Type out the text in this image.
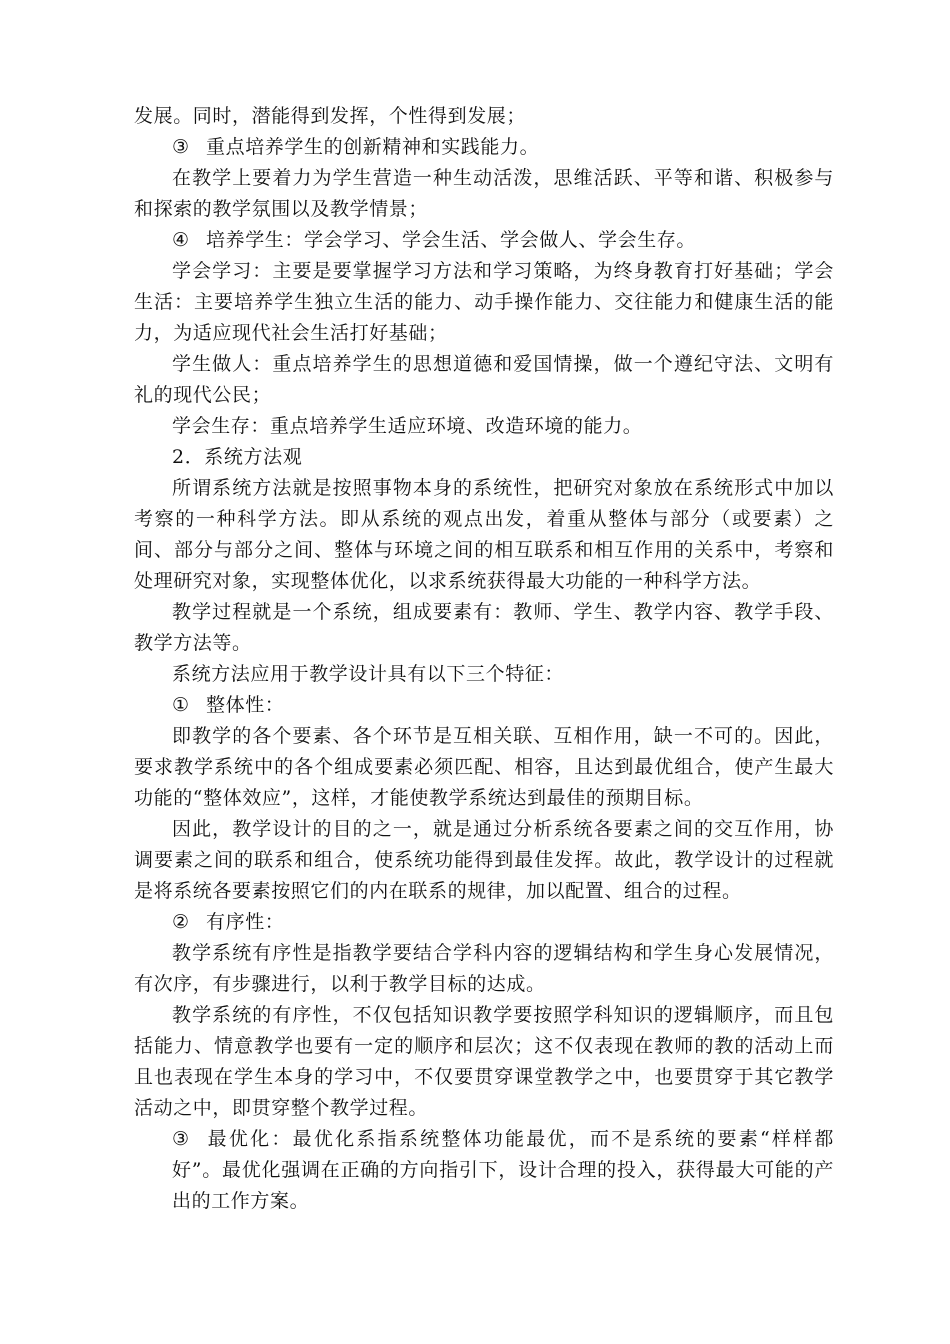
发展。同时，潜能得到发挥，个性得到发展；

③ 重点培养学生的创新精神和实践能力。

在教学上要着力为学生营造一种生动活泼，思维活跃、平等和谐、积极参与和探索的教学氛围以及教学情景；

④ 培养学生：学会学习、学会生活、学会做人、学会生存。

学会学习：主要是要掌握学习方法和学习策略，为终身教育打好基础；学会生活：主要培养学生独立生活的能力、动手操作能力、交往能力和健康生活的能力，为适应现代社会生活打好基础；

学生做人：重点培养学生的思想道德和爱国情操，做一个遵纪守法、文明有礼的现代公民；

学会生存：重点培养学生适应环境、改造环境的能力。

2．系统方法观

所谓系统方法就是按照事物本身的系统性，把研究对象放在系统形式中加以考察的一种科学方法。即从系统的观点出发，着重从整体与部分（或要素）之间、部分与部分之间、整体与环境之间的相互联系和相互作用的关系中，考察和处理研究对象，实现整体优化，以求系统获得最大功能的一种科学方法。

教学过程就是一个系统，组成要素有：教师、学生、教学内容、教学手段、教学方法等。

系统方法应用于教学设计具有以下三个特征：

① 整体性：

即教学的各个要素、各个环节是互相关联、互相作用，缺一不可的。因此，要求教学系统中的各个组成要素必须匹配、相容，且达到最优组合，使产生最大功能的“整体效应”，这样，才能使教学系统达到最佳的预期目标。

因此，教学设计的目的之一，就是通过分析系统各要素之间的交互作用，协调要素之间的联系和组合，使系统功能得到最佳发挥。故此，教学设计的过程就是将系统各要素按照它们的内在联系的规律，加以配置、组合的过程。

② 有序性：

教学系统有序性是指教学要结合学科内容的逻辑结构和学生身心发展情况，有次序，有步骤进行，以利于教学目标的达成。

教学系统的有序性，不仅包括知识教学要按照学科知识的逻辑顺序，而且包括能力、情意教学也要有一定的顺序和层次；这不仅表现在教师的教的活动上而且也表现在学生本身的学习中，不仅要贯穿课堂教学之中，也要贯穿于其它教学活动之中，即贯穿整个教学过程。

③ 最优化：最优化系指系统整体功能最优，而不是系统的要素“样样都好”。最优化强调在正确的方向指引下，设计合理的投入，获得最大可能的产出的工作方案。
